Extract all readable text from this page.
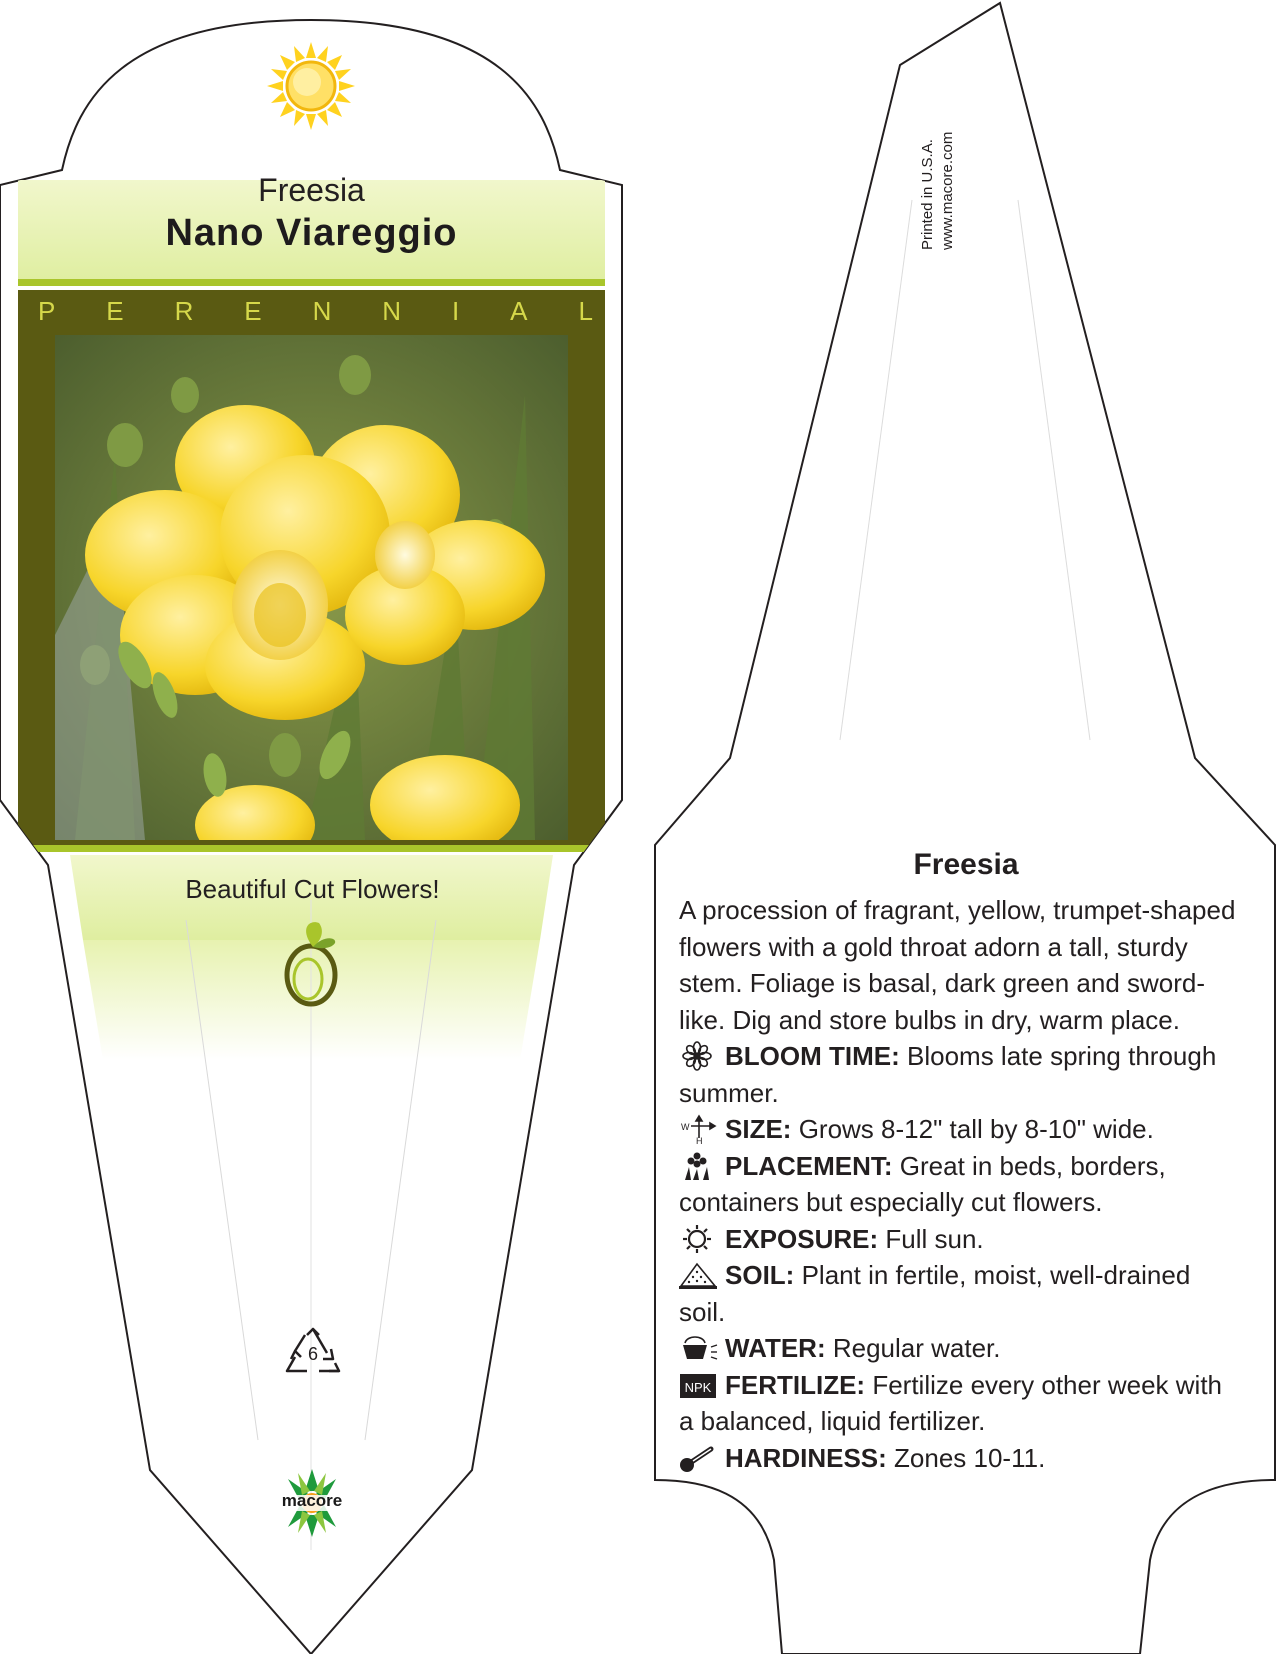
Freesia
Nano Viareggio
P E R E N N I A L
Beautiful Cut Flowers!
6
macore
Printed in U.S.A. www.macore.com
Freesia

A procession of fragrant, yellow, trumpet-shaped flowers with a gold throat adorn a tall, sturdy stem. Foliage is basal, dark green and sword-like. Dig and store bulbs in dry, warm place.

BLOOM TIME: Blooms late spring through summer.

W
H SIZE: Grows 8-12" tall by 8-10" wide.

PLACEMENT: Great in beds, borders, containers but especially cut flowers.

EXPOSURE: Full sun.

SOIL: Plant in fertile, moist, well-drained soil.

WATER: Regular water.

NPK FERTILIZE: Fertilize every other week with a balanced, liquid fertilizer.

HARDINESS: Zones 10-11.
